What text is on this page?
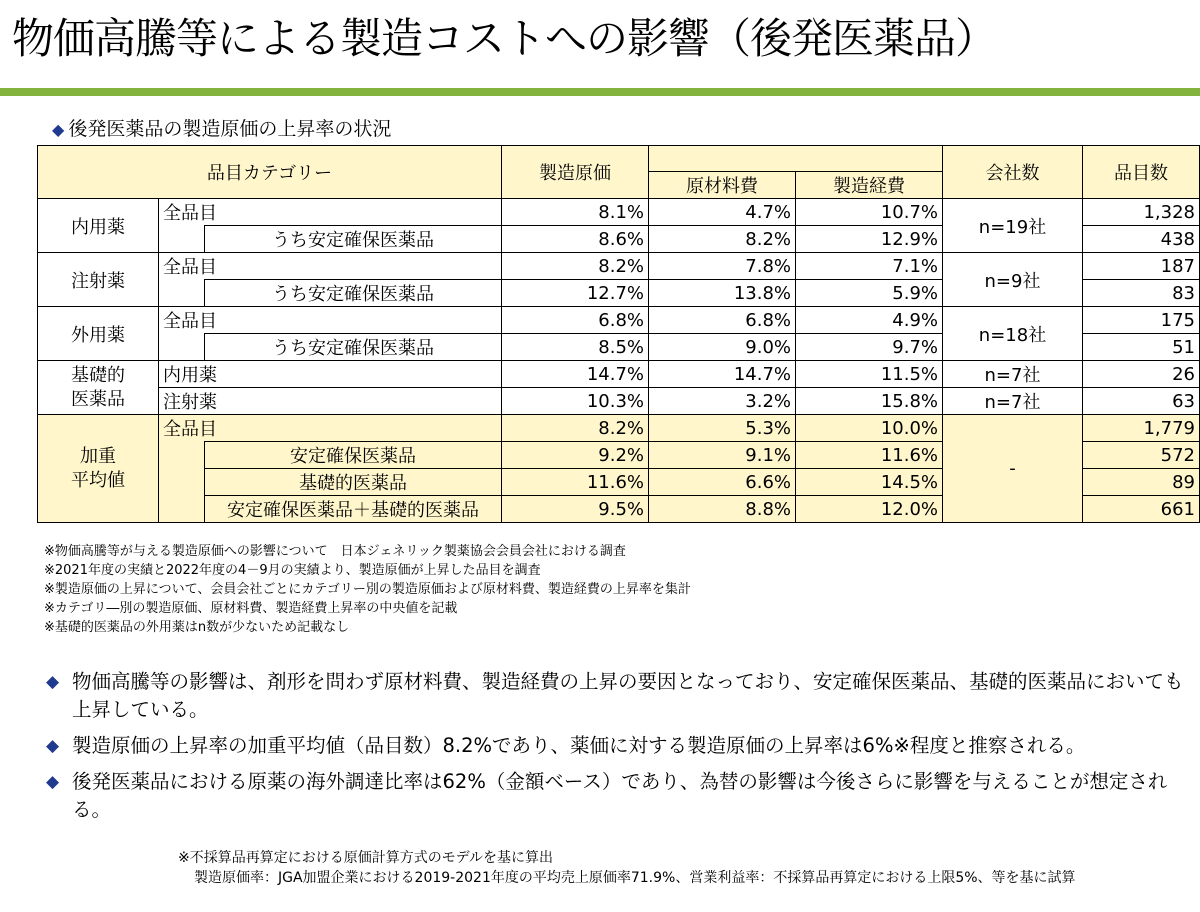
物価高騰等による製造コストへの影響（後発医薬品）
◆ 後発医薬品の製造原価の上昇率の状況
品目カテゴリー			製造原価			会社数	品目数
				原材料費	製造経費		
内用薬	全品目		8.1%	4.7%	10.7%	n=19社	1,328
		うち安定確保医薬品	8.6%	8.2%	12.9%		438
注射薬	全品目		8.2%	7.8%	7.1%	n=9社	187
		うち安定確保医薬品	12.7%	13.8%	5.9%		83
外用薬	全品目		6.8%	6.8%	4.9%	n=18社	175
		うち安定確保医薬品	8.5%	9.0%	9.7%		51
基礎的
医薬品	内用薬		14.7%	14.7%	11.5%	n=7社	26
	注射薬		10.3%	3.2%	15.8%	n=7社	63
加重
平均値	全品目		8.2%	5.3%	10.0%	-	1,779
		安定確保医薬品	9.2%	9.1%	11.6%		572
		基礎的医薬品	11.6%	6.6%	14.5%		89
		安定確保医薬品＋基礎的医薬品	9.5%	8.8%	12.0%		661
※物価高騰等が与える製造原価への影響について　日本ジェネリック製薬協会会員会社における調査
※2021年度の実績と2022年度の4－9月の実績より、製造原価が上昇した品目を調査
※製造原価の上昇について、会員会社ごとにカテゴリー別の製造原価および原材料費、製造経費の上昇率を集計
※カテゴリ―別の製造原価、原材料費、製造経費上昇率の中央値を記載
※基礎的医薬品の外用薬はn数が少ないため記載なし
◆ 物価高騰等の影響は、剤形を問わず原材料費、製造経費の上昇の要因となっており、安定確保医薬品、基礎的医薬品においても上昇している。
◆ 製造原価の上昇率の加重平均値（品目数）8.2%であり、薬価に対する製造原価の上昇率は6%※程度と推察される。
◆ 後発医薬品における原薬の海外調達比率は62%（金額ベース）であり、為替の影響は今後さらに影響を与えることが想定される。
※不採算品再算定における原価計算方式のモデルを基に算出
製造原価率：JGA加盟企業における2019-2021年度の平均売上原価率71.9%、営業利益率：不採算品再算定における上限5%、等を基に試算
